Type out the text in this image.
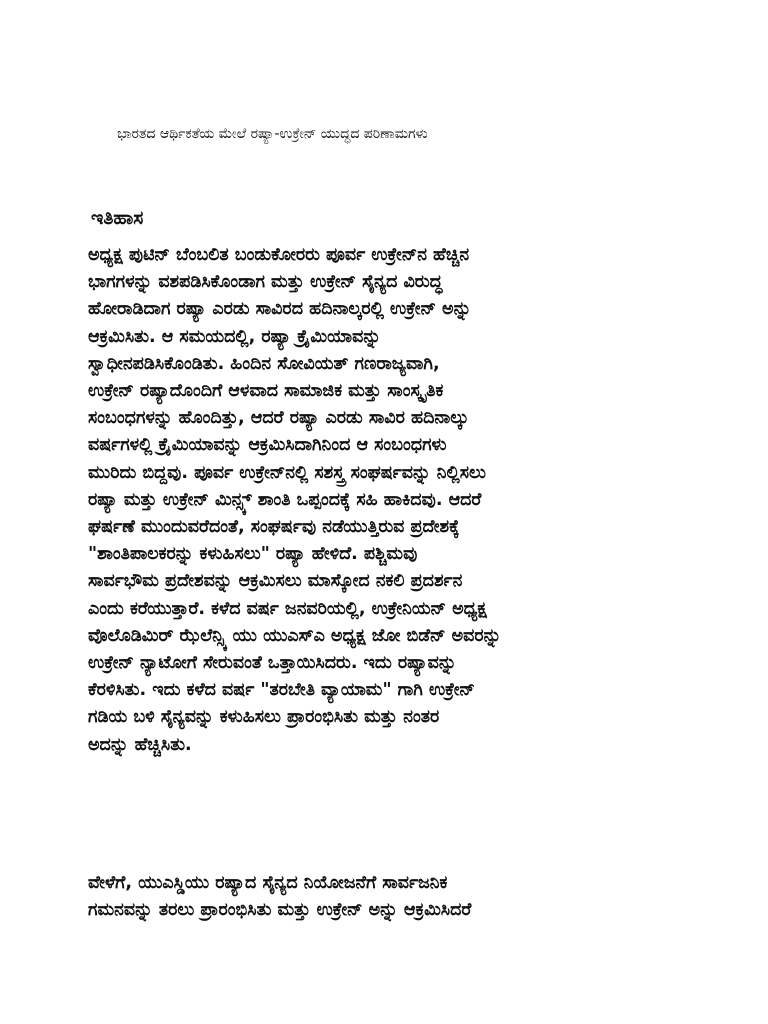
ಭಾರತದ ಆರ್ಥಿಕತೆಯ ಮೇಲೆ ರಷ್ಯಾ-ಉಕ್ರೇನ್ ಯುದ್ಧದ ಪರಿಣಾಮಗಳು
ಇತಿಹಾಸ

ಅಧ್ಯಕ್ಷ ಪುಟಿನ್ ಬೆಂಬಲಿತ ಬಂಡುಕೋರರು ಪೂರ್ವ ಉಕ್ರೇನ್‌ನ ಹೆಚ್ಚಿನ
ಭಾಗಗಳನ್ನು ವಶಪಡಿಸಿಕೊಂಡಾಗ ಮತ್ತು ಉಕ್ರೇನ್ ಸೈನ್ಯದ ವಿರುದ್ಧ
ಹೋರಾಡಿದಾಗ ರಷ್ಯಾ ಎರಡು ಸಾವಿರದ ಹದಿನಾಲ್ಕರಲ್ಲಿ ಉಕ್ರೇನ್ ಅನ್ನು
ಆಕ್ರಮಿಸಿತು. ಆ ಸಮಯದಲ್ಲಿ, ರಷ್ಯಾ ಕ್ರೈಮಿಯಾವನ್ನು
ಸ್ವಾಧೀನಪಡಿಸಿಕೊಂಡಿತು. ಹಿಂದಿನ ಸೋವಿಯತ್ ಗಣರಾಜ್ಯವಾಗಿ,
ಉಕ್ರೇನ್ ರಷ್ಯಾದೊಂದಿಗೆ ಆಳವಾದ ಸಾಮಾಜಿಕ ಮತ್ತು ಸಾಂಸ್ಕೃತಿಕ
ಸಂಬಂಧಗಳನ್ನು ಹೊಂದಿತ್ತು, ಆದರೆ ರಷ್ಯಾ ಎರಡು ಸಾವಿರ ಹದಿನಾಲ್ಕು
ವರ್ಷಗಳಲ್ಲಿ ಕ್ರೈಮಿಯಾವನ್ನು ಆಕ್ರಮಿಸಿದಾಗಿನಿಂದ ಆ ಸಂಬಂಧಗಳು
ಮುರಿದು ಬಿದ್ದವು. ಪೂರ್ವ ಉಕ್ರೇನ್‌ನಲ್ಲಿ ಸಶಸ್ತ್ರ ಸಂಘರ್ಷವನ್ನು ನಿಲ್ಲಿಸಲು
ರಷ್ಯಾ ಮತ್ತು ಉಕ್ರೇನ್ ಮಿನ್ಸ್ಕ್ ಶಾಂತಿ ಒಪ್ಪಂದಕ್ಕೆ ಸಹಿ ಹಾಕಿದವು. ಆದರೆ
ಘರ್ಷಣೆ ಮುಂದುವರೆದಂತೆ, ಸಂಘರ್ಷವು ನಡೆಯುತ್ತಿರುವ ಪ್ರದೇಶಕ್ಕೆ
"ಶಾಂತಿಪಾಲಕರನ್ನು ಕಳುಹಿಸಲು" ರಷ್ಯಾ ಹೇಳಿದೆ. ಪಶ್ಚಿಮವು
ಸಾರ್ವಭೌಮ ಪ್ರದೇಶವನ್ನು ಆಕ್ರಮಿಸಲು ಮಾಸ್ಕೋದ ನಕಲಿ ಪ್ರದರ್ಶನ
ಎಂದು ಕರೆಯುತ್ತಾರೆ. ಕಳೆದ ವರ್ಷ ಜನವರಿಯಲ್ಲಿ, ಉಕ್ರೇನಿಯನ್ ಅಧ್ಯಕ್ಷ
ವೊಲೊಡಿಮಿರ್ ಝೆಲೆನ್ಸ್ಕಿ ಯು ಯುಎಸ್ಎ ಅಧ್ಯಕ್ಷ ಜೋ ಬಿಡೆನ್ ಅವರನ್ನು
ಉಕ್ರೇನ್ ನ್ಯಾಟೋಗೆ ಸೇರುವಂತೆ ಒತ್ತಾಯಿಸಿದರು. ಇದು ರಷ್ಯಾವನ್ನು
ಕೆರಳಿಸಿತು. ಇದು ಕಳೆದ ವರ್ಷ "ತರಬೇತಿ ವ್ಯಾಯಾಮ" ಗಾಗಿ ಉಕ್ರೇನ್
ಗಡಿಯ ಬಳಿ ಸೈನ್ಯವನ್ನು ಕಳುಹಿಸಲು ಪ್ರಾರಂಭಿಸಿತು ಮತ್ತು ನಂತರ
ಅದನ್ನು ಹೆಚ್ಚಿಸಿತು.

ವೇಳೆಗೆ, ಯುಎಸ್ಡಿಯು ರಷ್ಯಾದ ಸೈನ್ಯದ ನಿಯೋಜನೆಗೆ ಸಾರ್ವಜನಿಕ
ಗಮನವನ್ನು ತರಲು ಪ್ರಾರಂಭಿಸಿತು ಮತ್ತು ಉಕ್ರೇನ್ ಅನ್ನು ಆಕ್ರಮಿಸಿದರೆ
